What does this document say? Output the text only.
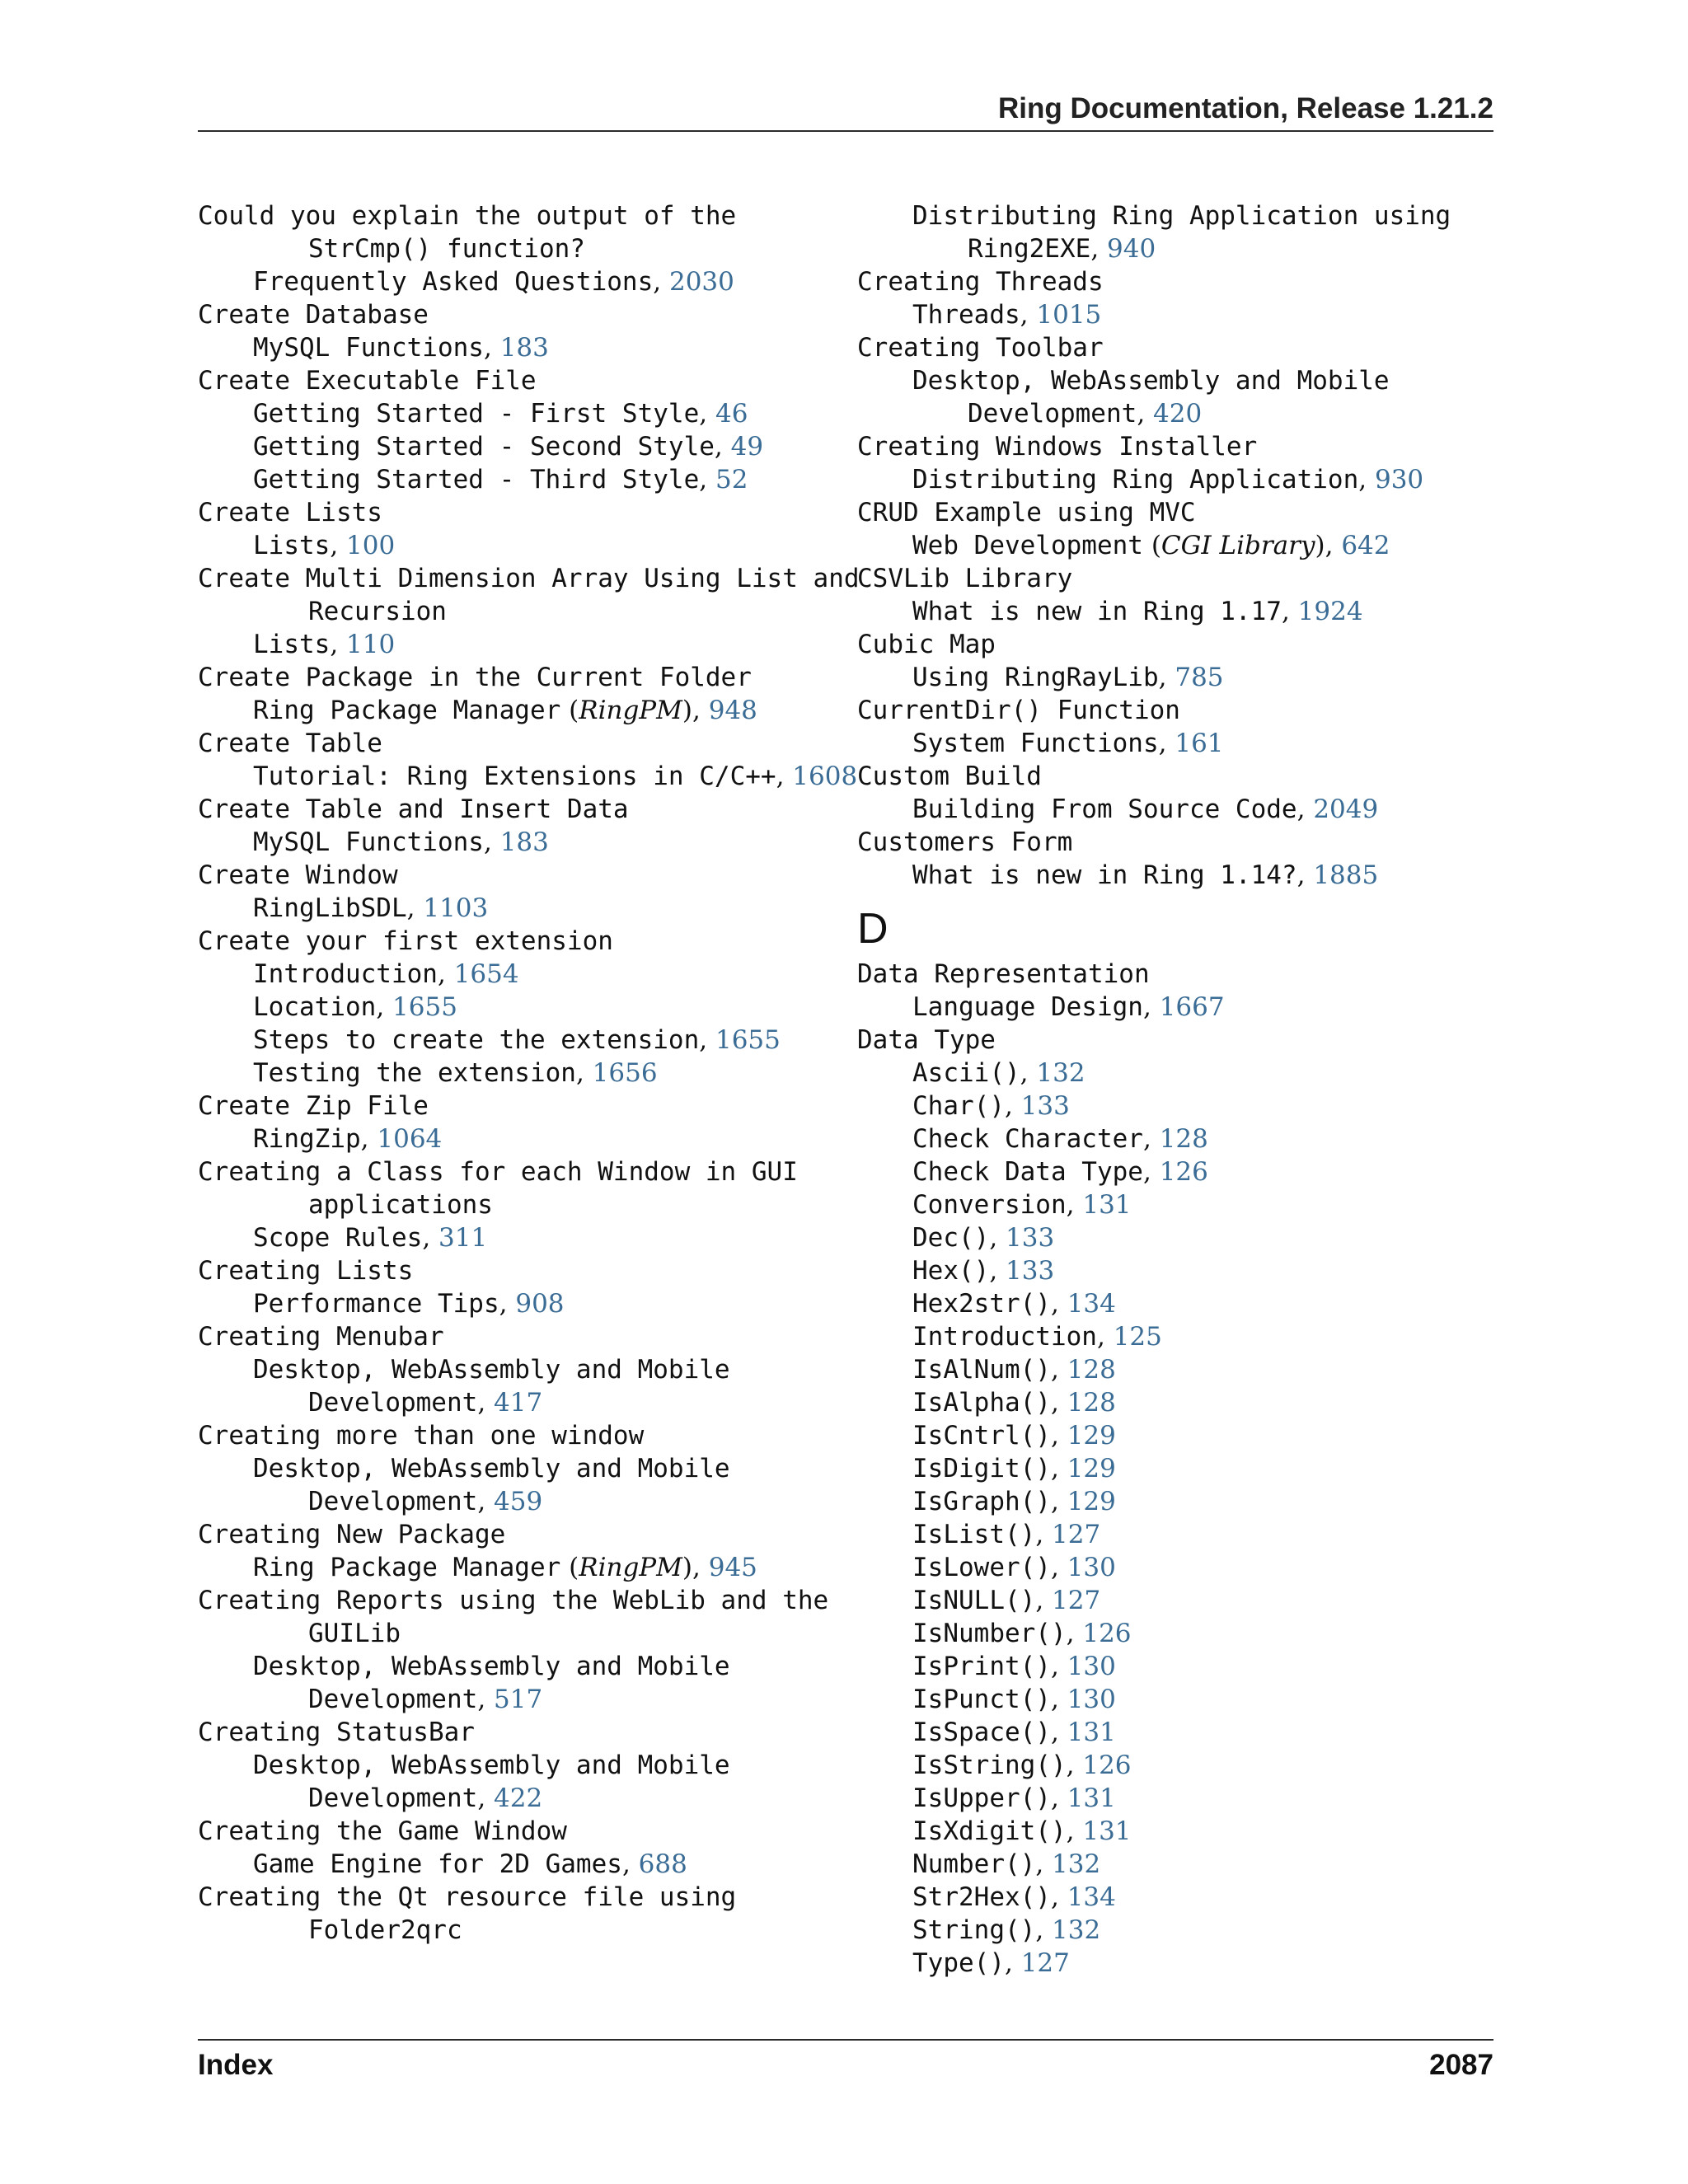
Ring Documentation, Release 1.21.2
Could you explain the output of the
StrCmp() function?
Frequently Asked Questions, 2030
Create Database
MySQL Functions, 183
Create Executable File
Getting Started - First Style, 46
Getting Started - Second Style, 49
Getting Started - Third Style, 52
Create Lists
Lists, 100
Create Multi Dimension Array Using List and
Recursion
Lists, 110
Create Package in the Current Folder
Ring Package Manager (RingPM), 948
Create Table
Tutorial: Ring Extensions in C/C++, 1608
Create Table and Insert Data
MySQL Functions, 183
Create Window
RingLibSDL, 1103
Create your first extension
Introduction, 1654
Location, 1655
Steps to create the extension, 1655
Testing the extension, 1656
Create Zip File
RingZip, 1064
Creating a Class for each Window in GUI
applications
Scope Rules, 311
Creating Lists
Performance Tips, 908
Creating Menubar
Desktop, WebAssembly and Mobile
Development, 417
Creating more than one window
Desktop, WebAssembly and Mobile
Development, 459
Creating New Package
Ring Package Manager (RingPM), 945
Creating Reports using the WebLib and the
GUILib
Desktop, WebAssembly and Mobile
Development, 517
Creating StatusBar
Desktop, WebAssembly and Mobile
Development, 422
Creating the Game Window
Game Engine for 2D Games, 688
Creating the Qt resource file using
Folder2qrc
Distributing Ring Application using
Ring2EXE, 940
Creating Threads
Threads, 1015
Creating Toolbar
Desktop, WebAssembly and Mobile
Development, 420
Creating Windows Installer
Distributing Ring Application, 930
CRUD Example using MVC
Web Development (CGI Library), 642
CSVLib Library
What is new in Ring 1.17, 1924
Cubic Map
Using RingRayLib, 785
CurrentDir() Function
System Functions, 161
Custom Build
Building From Source Code, 2049
Customers Form
What is new in Ring 1.14?, 1885
D
Data Representation
Language Design, 1667
Data Type
Ascii(), 132
Char(), 133
Check Character, 128
Check Data Type, 126
Conversion, 131
Dec(), 133
Hex(), 133
Hex2str(), 134
Introduction, 125
IsAlNum(), 128
IsAlpha(), 128
IsCntrl(), 129
IsDigit(), 129
IsGraph(), 129
IsList(), 127
IsLower(), 130
IsNULL(), 127
IsNumber(), 126
IsPrint(), 130
IsPunct(), 130
IsSpace(), 131
IsString(), 126
IsUpper(), 131
IsXdigit(), 131
Number(), 132
Str2Hex(), 134
String(), 132
Type(), 127
Index	2087
